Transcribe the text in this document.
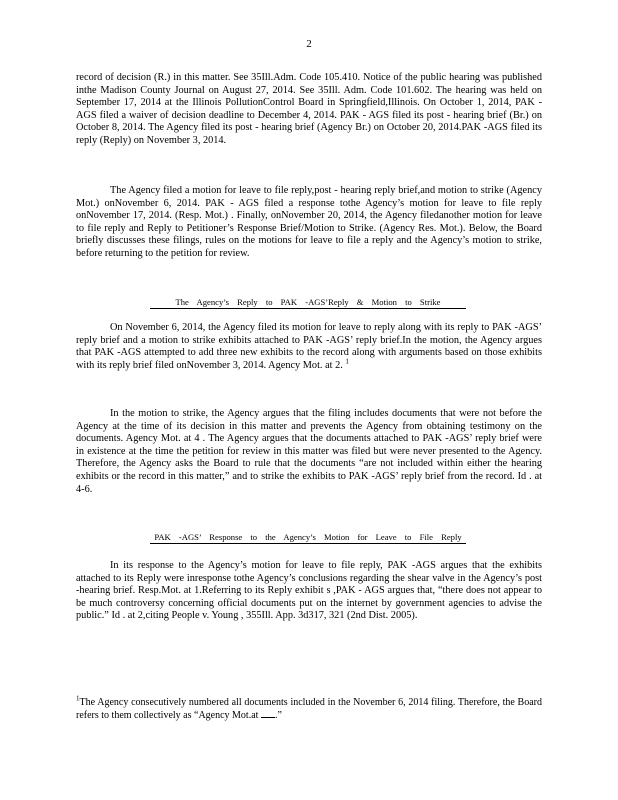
2

record of decision (R.) in this matter. See 35Ill.Adm. Code 105.410. Notice of the public hearing was published inthe Madison County Journal on August 27, 2014. See 35Ill. Adm. Code 101.602. The hearing was held on September 17, 2014 at the Illinois PollutionControl Board in Springfield,Illinois. On October 1, 2014, PAK - AGS filed a waiver of decision deadline to December 4, 2014. PAK - AGS filed its post - hearing brief (Br.) on October 8, 2014. The Agency filed its post - hearing brief (Agency Br.) on October 20, 2014.PAK -AGS filed its reply (Reply) on November 3, 2014.

The Agency filed a motion for leave to file reply,post - hearing reply brief,and motion to strike (Agency Mot.) onNovember 6, 2014. PAK - AGS filed a response tothe Agency’s motion for leave to file reply onNovember 17, 2014. (Resp. Mot.) . Finally, onNovember 20, 2014, the Agency filedanother motion for leave to file reply and Reply to Petitioner’s Response Brief/Motion to Strike. (Agency Res. Mot.). Below, the Board briefly discusses these filings, rules on the motions for leave to file a reply and the Agency’s motion to strike, before returning to the petition for review.

The Agency’s Reply to PAK -AGS’Reply & Motion to Strike

On November 6, 2014, the Agency filed its motion for leave to reply along with its reply to PAK -AGS’ reply brief and a motion to strike exhibits attached to PAK -AGS’ reply brief.In the motion, the Agency argues that PAK -AGS attempted to add three new exhibits to the record along with arguments based on those exhibits with its reply brief filed onNovember 3, 2014. Agency Mot. at 2. $^1$

In the motion to strike, the Agency argues that the filing includes documents that were not before the Agency at the time of its decision in this matter and prevents the Agency from obtaining testimony on the documents. Agency Mot. at 4 . The Agency argues that the documents attached to PAK -AGS’ reply brief were in existence at the time the petition for review in this matter was filed but were never presented to the Agency. Therefore, the Agency asks the Board to rule that the documents “are not included within either the hearing exhibits or the record in this matter,” and to strike the exhibits to PAK -AGS’ reply brief from the record. Id . at 4-6.

PAK -AGS’ Response to the Agency’s Motion for Leave to File Reply

In its response to the Agency’s motion for leave to file reply, PAK -AGS argues that the exhibits attached to its Reply were inresponse tothe Agency’s conclusions regarding the shear valve in the Agency’s post -hearing brief. Resp.Mot. at 1.Referring to its Reply exhibit s ,PAK - AGS argues that, “there does not appear to be much controversy concerning official documents put on the internet by government agencies to advise the public.” Id . at 2,citing People v. Young , 355Ill. App. 3d317, 321 (2nd Dist. 2005).

$^1$The Agency consecutively numbered all documents included in the November 6, 2014 filing. Therefore, the Board refers to them collectively as “Agency Mot.at .”
